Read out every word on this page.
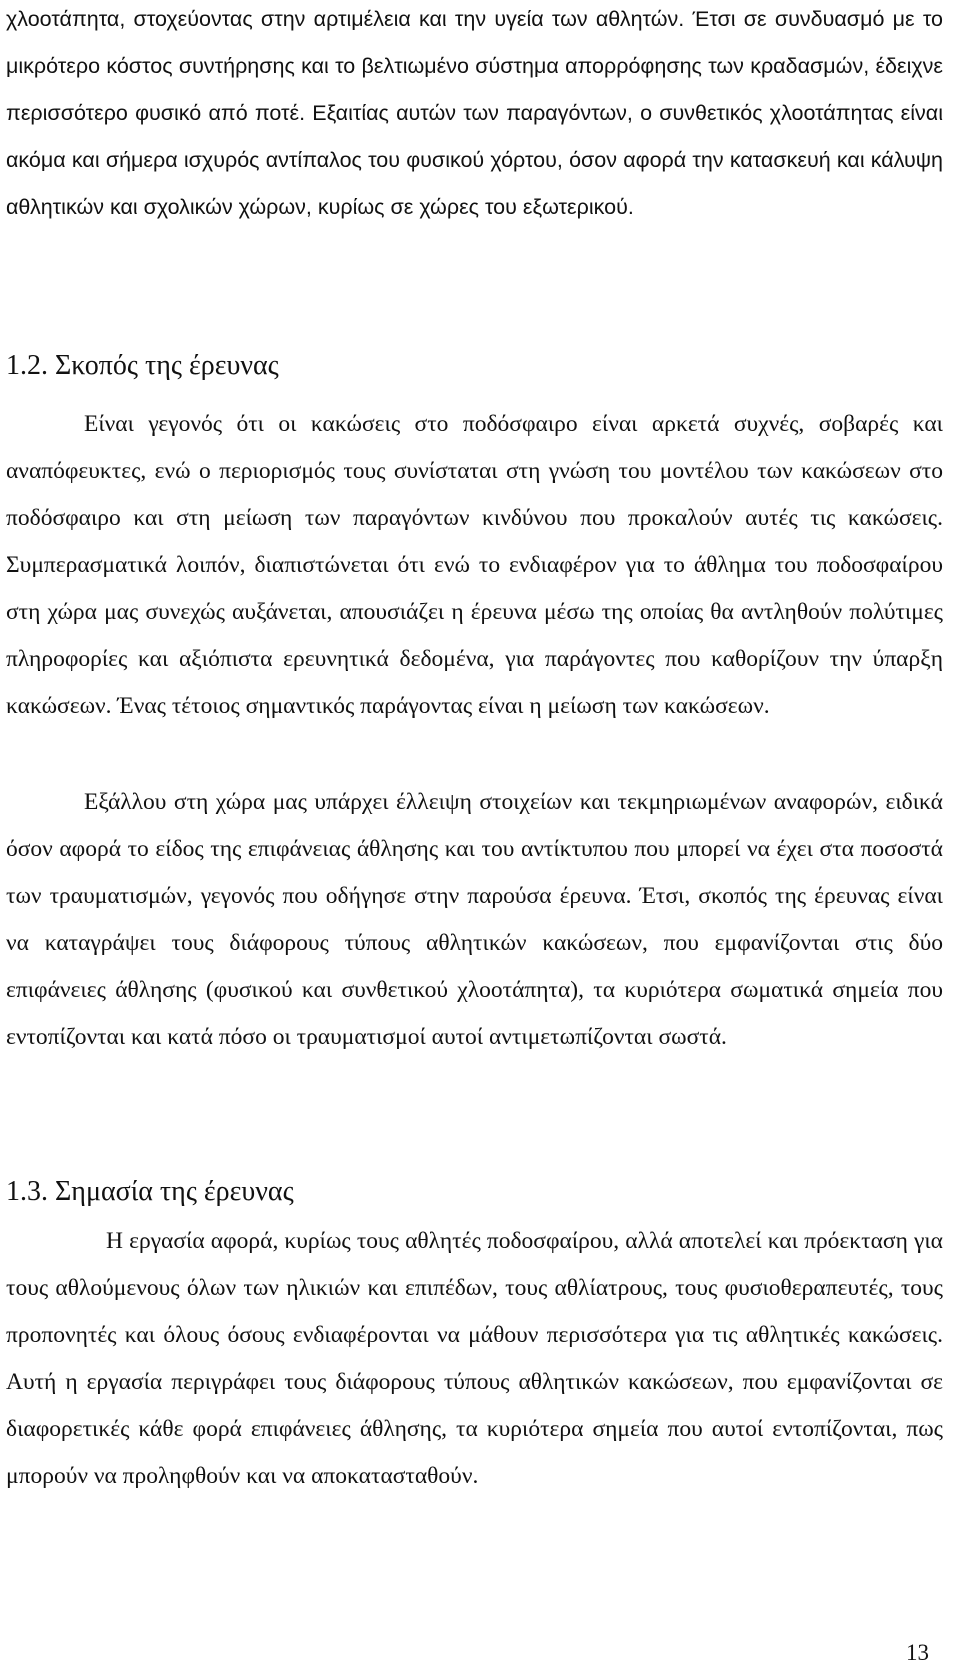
χλοοτάπητα, στοχεύοντας στην αρτιμέλεια και την υγεία των αθλητών. Έτσι σε συνδυασμό με το μικρότερο κόστος συντήρησης και το βελτιωμένο σύστημα απορρόφησης των κραδασμών, έδειχνε περισσότερο φυσικό από ποτέ. Εξαιτίας αυτών των παραγόντων, ο συνθετικός χλοοτάπητας είναι ακόμα και σήμερα ισχυρός αντίπαλος του φυσικού χόρτου, όσον αφορά την κατασκευή και κάλυψη αθλητικών και σχολικών χώρων, κυρίως σε χώρες του εξωτερικού.

1.2. Σκοπός της έρευνας

Είναι γεγονός ότι οι κακώσεις στο ποδόσφαιρο είναι αρκετά συχνές, σοβαρές και αναπόφευκτες, ενώ ο περιορισμός τους συνίσταται στη γνώση του μοντέλου των κακώσεων στο ποδόσφαιρο και στη μείωση των παραγόντων κινδύνου που προκαλούν αυτές τις κακώσεις. Συμπερασματικά λοιπόν, διαπιστώνεται ότι ενώ το ενδιαφέρον για το άθλημα του ποδοσφαίρου στη χώρα μας συνεχώς αυξάνεται, απουσιάζει η έρευνα μέσω της οποίας θα αντληθούν πολύτιμες πληροφορίες και αξιόπιστα ερευνητικά δεδομένα, για παράγοντες που καθορίζουν την ύπαρξη κακώσεων. Ένας τέτοιος σημαντικός παράγοντας είναι η μείωση των κακώσεων.

Εξάλλου στη χώρα μας υπάρχει έλλειψη στοιχείων και τεκμηριωμένων αναφορών, ειδικά όσον αφορά το είδος της επιφάνειας άθλησης και του αντίκτυπου που μπορεί να έχει στα ποσοστά των τραυματισμών, γεγονός που οδήγησε στην παρούσα έρευνα. Έτσι, σκοπός της έρευνας είναι να καταγράψει τους διάφορους τύπους αθλητικών κακώσεων, που εμφανίζονται στις δύο επιφάνειες άθλησης (φυσικού και συνθετικού χλοοτάπητα), τα κυριότερα σωματικά σημεία που εντοπίζονται και κατά πόσο οι τραυματισμοί αυτοί αντιμετωπίζονται σωστά.

1.3. Σημασία της έρευνας

Η εργασία αφορά, κυρίως τους αθλητές ποδοσφαίρου, αλλά αποτελεί και πρόεκταση για τους αθλούμενους όλων των ηλικιών και επιπέδων, τους αθλίατρους, τους φυσιοθεραπευτές, τους προπονητές και όλους όσους ενδιαφέρονται να μάθουν περισσότερα για τις αθλητικές κακώσεις. Αυτή η εργασία περιγράφει τους διάφορους τύπους αθλητικών κακώσεων, που εμφανίζονται σε διαφορετικές κάθε φορά επιφάνειες άθλησης, τα κυριότερα σημεία που αυτοί εντοπίζονται, πως μπορούν να προληφθούν και να αποκατασταθούν.

13
